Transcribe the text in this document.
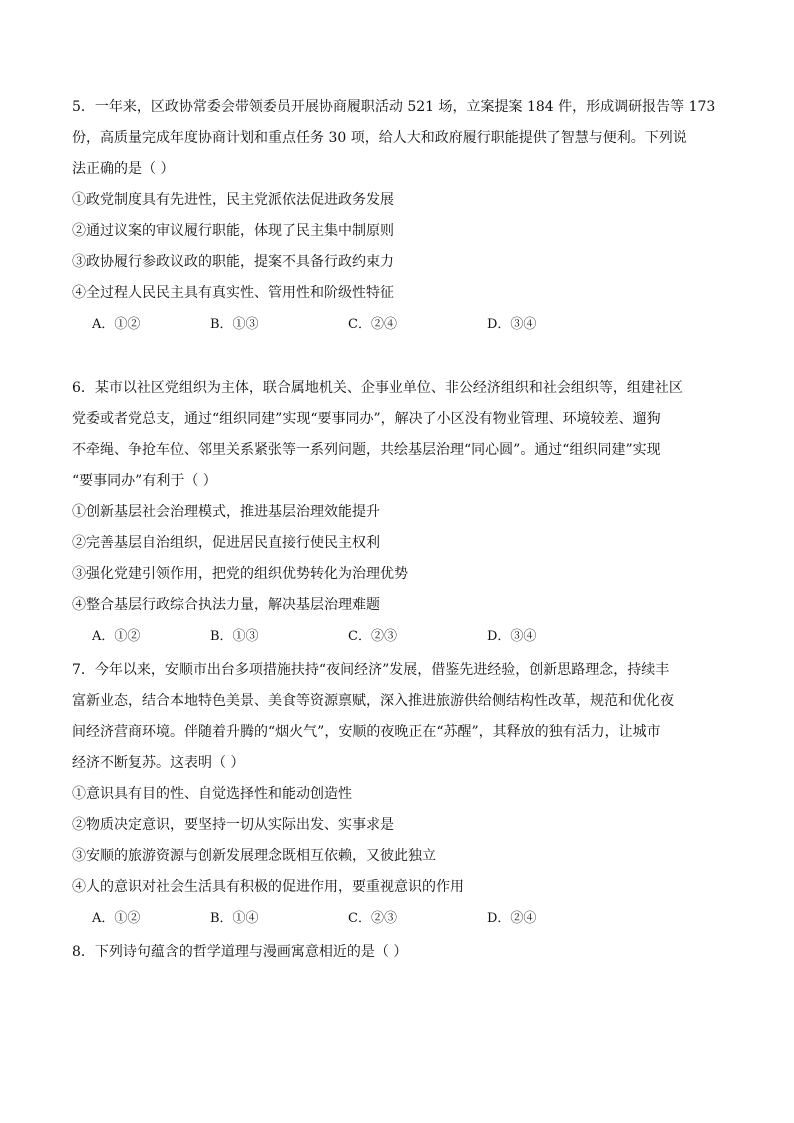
5．一年来，区政协常委会带领委员开展协商履职活动 521 场，立案提案 184 件，形成调研报告等 173
份，高质量完成年度协商计划和重点任务 30 项，给人大和政府履行职能提供了智慧与便利。下列说
法正确的是（ ）
①政党制度具有先进性，民主党派依法促进政务发展
②通过议案的审议履行职能，体现了民主集中制原则
③政协履行参政议政的职能，提案不具备行政约束力
④全过程人民民主具有真实性、管用性和阶级性特征
A．①②	B．①③	C．②④	D．③④
6．某市以社区党组织为主体，联合属地机关、企事业单位、非公经济组织和社会组织等，组建社区
党委或者党总支，通过“组织同建”实现“要事同办”，解决了小区没有物业管理、环境较差、遛狗
不牵绳、争抢车位、邻里关系紧张等一系列问题，共绘基层治理“同心圆”。通过“组织同建”实现
“要事同办”有利于（ ）
①创新基层社会治理模式，推进基层治理效能提升
②完善基层自治组织，促进居民直接行使民主权利
③强化党建引领作用，把党的组织优势转化为治理优势
④整合基层行政综合执法力量，解决基层治理难题
A．①②	B．①③	C．②③	D．③④
7．今年以来，安顺市出台多项措施扶持“夜间经济”发展，借鉴先进经验，创新思路理念，持续丰
富新业态，结合本地特色美景、美食等资源禀赋，深入推进旅游供给侧结构性改革，规范和优化夜
间经济营商环境。伴随着升腾的“烟火气”，安顺的夜晚正在“苏醒”，其释放的独有活力，让城市
经济不断复苏。这表明（ ）
①意识具有目的性、自觉选择性和能动创造性
②物质决定意识，要坚持一切从实际出发、实事求是
③安顺的旅游资源与创新发展理念既相互依赖，又彼此独立
④人的意识对社会生活具有积极的促进作用，要重视意识的作用
A．①②	B．①④	C．②③	D．②④
8．下列诗句蕴含的哲学道理与漫画寓意相近的是（ ）
